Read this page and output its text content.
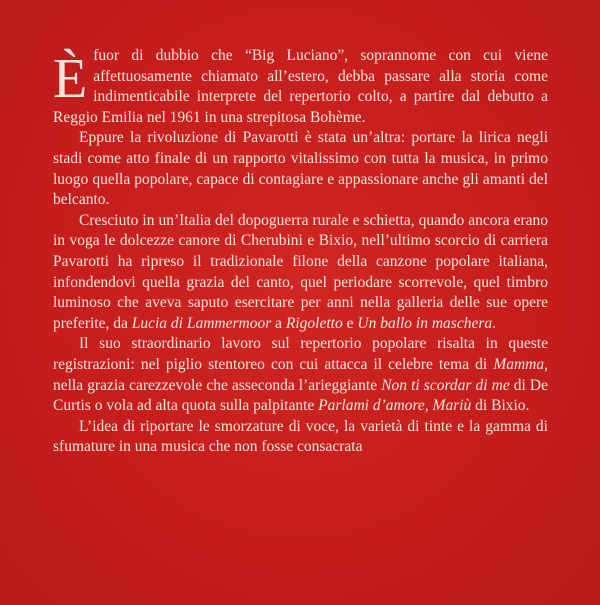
Èfuor di dubbio che “Big Luciano”, soprannome con cui viene affettuosamente chiamato all’estero, debba passare alla storia come indimenticabile interprete del repertorio colto, a partire dal debutto a Reggio Emilia nel 1961 in una strepitosa Bohème.

Eppure la rivoluzione di Pavarotti è stata un’altra: portare la lirica negli stadi come atto finale di un rapporto vitalissimo con tutta la musica, in primo luogo quella popolare, capace di contagiare e appassionare anche gli amanti del belcanto.

Cresciuto in un’Italia del dopoguerra rurale e schietta, quando ancora erano in voga le dolcezze canore di Cherubini e Bixio, nell’ultimo scorcio di carriera Pavarotti ha ripreso il tradizionale filone della canzone popolare italiana, infondendovi quella grazia del canto, quel periodare scorrevole, quel timbro luminoso che aveva saputo esercitare per anni nella galleria delle sue opere preferite, da Lucia di Lammermoor a Rigoletto e Un ballo in maschera.

Il suo straordinario lavoro sul repertorio popolare risalta in queste registrazioni: nel piglio stentoreo con cui attacca il celebre tema di Mamma, nella grazia carezzevole che asseconda l’arieggiante Non ti scordar di me di De Curtis o vola ad alta quota sulla palpitante Parlami d’amore, Mariù di Bixio.

L’idea di riportare le smorzature di voce, la varietà di tinte e la gamma di sfumature in una musica che non fosse consacrata
